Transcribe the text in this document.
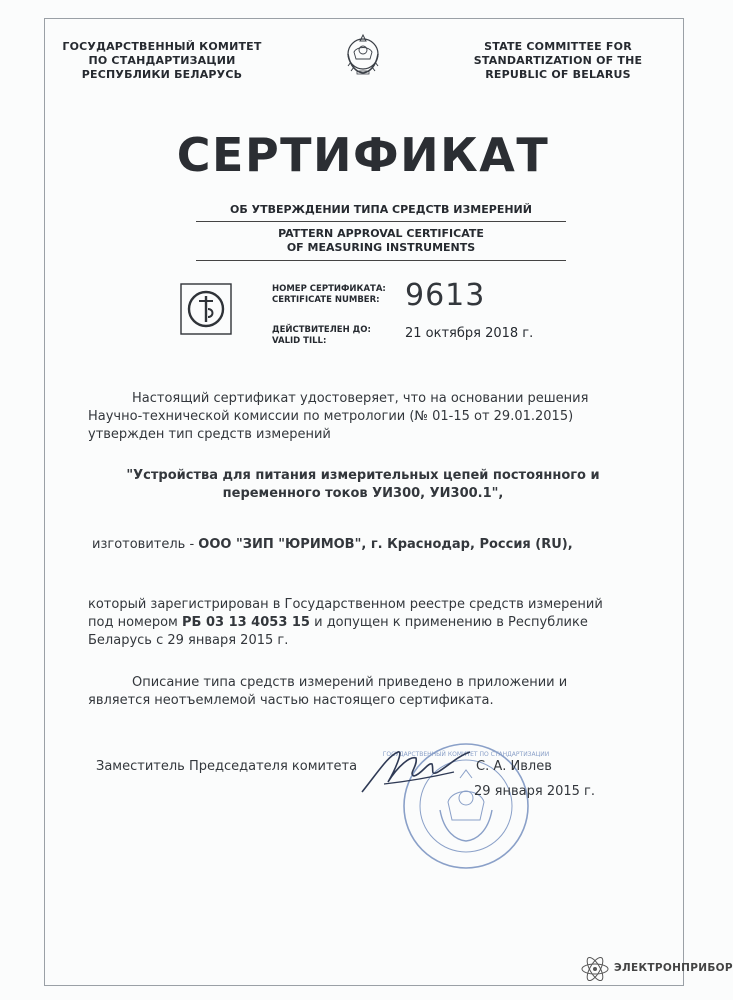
ГОСУДАРСТВЕННЫЙ КОМИТЕТ
ПО СТАНДАРТИЗАЦИИ
РЕСПУБЛИКИ БЕЛАРУСЬ
STATE COMMITTEE FOR
STANDARTIZATION OF THE
REPUBLIC OF BELARUS
СЕРТИФИКАТ
ОБ УТВЕРЖДЕНИИ ТИПА СРЕДСТВ ИЗМЕРЕНИЙ
PATTERN APPROVAL CERTIFICATE
OF MEASURING INSTRUMENTS
СТБ
НОМЕР СЕРТИФИКАТА:
CERTIFICATE NUMBER: 9613
ДЕЙСТВИТЕЛЕН ДО:
VALID TILL:	21 октября 2018 г.
Настоящий сертификат удостоверяет, что на основании решения
Научно-технической комиссии по метрологии (№ 01-15 от 29.01.2015)
утвержден тип средств измерений
"Устройства для питания измерительных цепей постоянного и
переменного токов УИ300, УИ300.1",
изготовитель - ООО "ЗИП "ЮРИМОВ", г. Краснодар, Россия (RU),
который зарегистрирован в Государственном реестре средств измерений
под номером РБ 03 13 4053 15 и допущен к применению в Республике
Беларусь с 29 января 2015 г.
Описание типа средств измерений приведено в приложении и
является неотъемлемой частью настоящего сертификата.
Заместитель Председателя комитета
ГОСУДАРСТВЕННЫЙ КОМИТЕТ ПО СТАНДАРТИЗАЦИИ
С. А. Ивлев
29 января 2015 г.
ЭЛЕКТРОНПРИБОР
